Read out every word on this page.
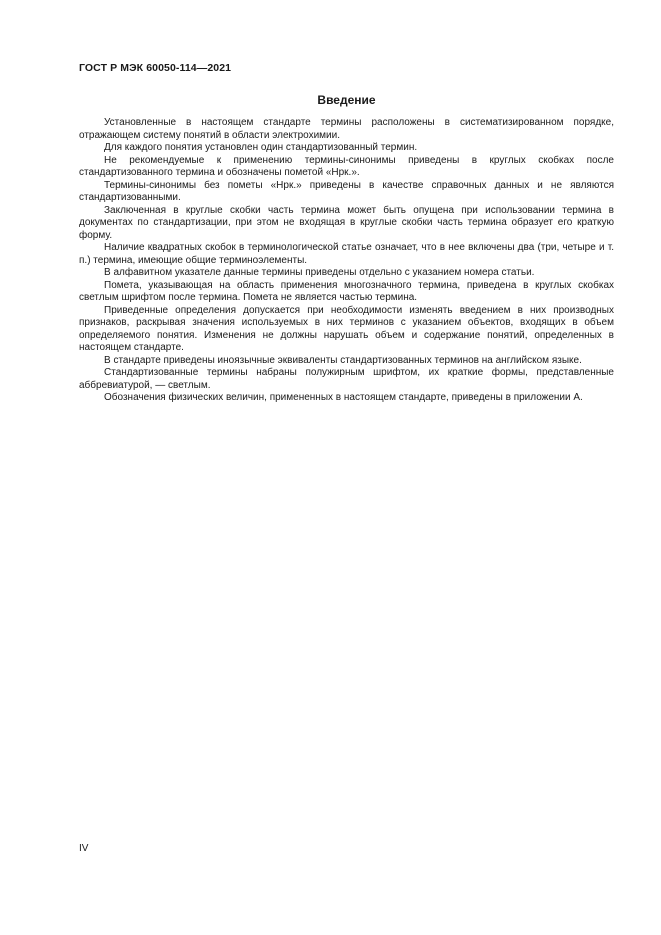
ГОСТ Р МЭК 60050-114—2021
Введение

Установленные в настоящем стандарте термины расположены в систематизированном порядке, отражающем систему понятий в области электрохимии.

Для каждого понятия установлен один стандартизованный термин.

Не рекомендуемые к применению термины-синонимы приведены в круглых скобках после стандартизованного термина и обозначены пометой «Нрк.».

Термины-синонимы без пометы «Нрк.» приведены в качестве справочных данных и не являются стандартизованными.

Заключенная в круглые скобки часть термина может быть опущена при использовании термина в документах по стандартизации, при этом не входящая в круглые скобки часть термина образует его краткую форму.

Наличие квадратных скобок в терминологической статье означает, что в нее включены два (три, четыре и т. п.) термина, имеющие общие терминоэлементы.

В алфавитном указателе данные термины приведены отдельно с указанием номера статьи.

Помета, указывающая на область применения многозначного термина, приведена в круглых скобках светлым шрифтом после термина. Помета не является частью термина.

Приведенные определения допускается при необходимости изменять введением в них производных признаков, раскрывая значения используемых в них терминов с указанием объектов, входящих в объем определяемого понятия. Изменения не должны нарушать объем и содержание понятий, определенных в настоящем стандарте.

В стандарте приведены иноязычные эквиваленты стандартизованных терминов на английском языке.

Стандартизованные термины набраны полужирным шрифтом, их краткие формы, представленные аббревиатурой, — светлым.

Обозначения физических величин, примененных в настоящем стандарте, приведены в приложении А.

IV
